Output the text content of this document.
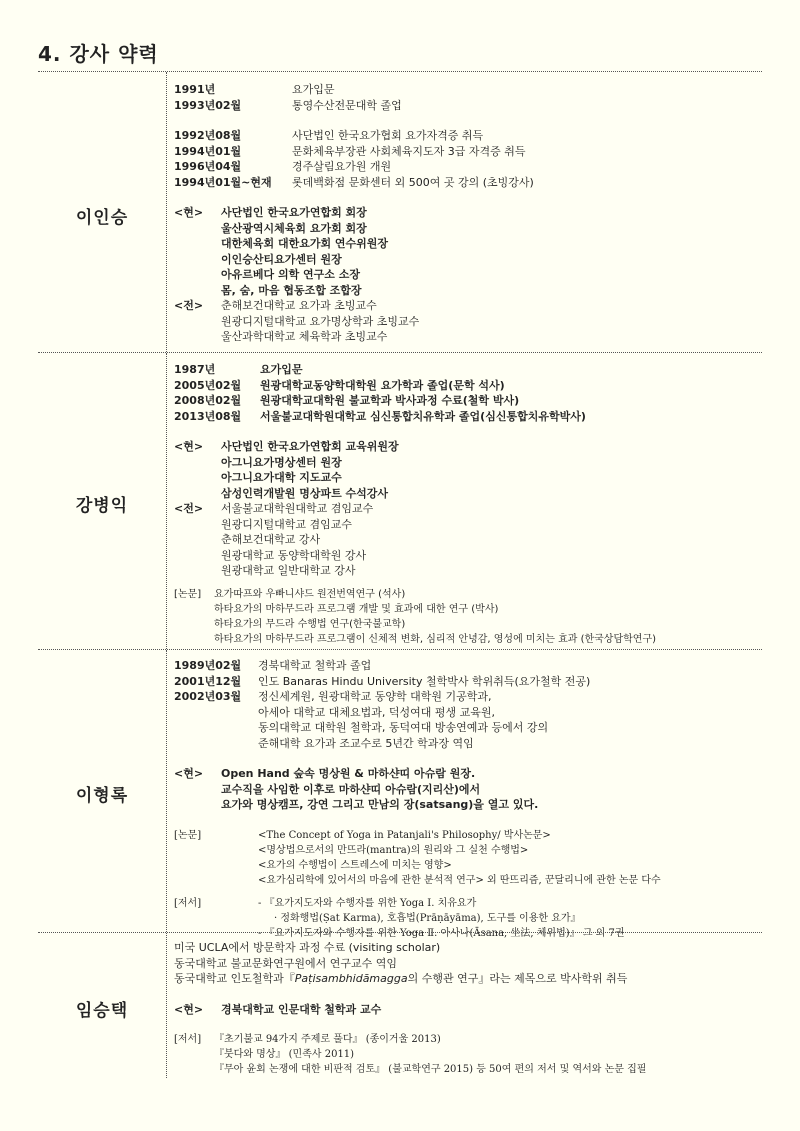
4. 강사 약력
이인승
1991년	요가입문
1993년02월	통영수산전문대학 졸업
1992년08월	사단법인 한국요가협회 요가자격증 취득
1994년01월	문화체육부장관 사회체육지도자 3급 자격증 취득
1996년04월	경주살림요가원 개원
1994년01월~현재	롯데백화점 문화센터 외 500여 곳 강의 (초빙강사)
<현> 사단법인 한국요가연합회 회장
울산광역시체육회 요가회 회장
대한체육회 대한요가회 연수위원장
이인승산티요가센터 원장
아유르베다 의학 연구소 소장
몸, 숨, 마음 협동조합 조합장
<전> 춘해보건대학교 요가과 초빙교수
원광디지털대학교 요가명상학과 초빙교수
울산과학대학교 체육학과 초빙교수
강병익
1987년	요가입문
2005년02월	원광대학교동양학대학원 요가학과 졸업(문학 석사)
2008년02월	원광대학교대학원 불교학과 박사과정 수료(철학 박사)
2013년08월	서울불교대학원대학교 심신통합치유학과 졸업(심신통합치유학박사)
<현> 사단법인 한국요가연합회 교육위원장
아그니요가명상센터 원장
아그니요가대학 지도교수
삼성인력개발원 명상파트 수석강사
<전> 서울불교대학원대학교 겸임교수
원광디지털대학교 겸임교수
춘해보건대학교 강사
원광대학교 동양학대학원 강사
원광대학교 일반대학교 강사
[논문] 요가따프와 우빠니샤드 원전번역연구 (석사)
하타요가의 마하무드라 프로그램 개발 및 효과에 대한 연구 (박사)
하타요가의 무드라 수행법 연구(한국불교학)
하타요가의 마하무드라 프로그램이 신체적 변화, 심리적 안녕감, 영성에 미치는 효과 (한국상담학연구)
이형록
1989년02월	경북대학교 철학과 졸업
2001년12월	인도 Banaras Hindu University 철학박사 학위취득(요가철학 전공)
2002년03월	정신세계원, 원광대학교 동양학 대학원 기공학과,
아세아 대학교 대체요법과, 덕성여대 평생 교육원,
동의대학교 대학원 철학과, 동덕여대 방송연예과 등에서 강의
준해대학 요가과 조교수로 5년간 학과장 역임
<현> Open Hand 숲속 명상원 & 마하샨띠 아슈람 원장.
교수직을 사임한 이후로 마하샨띠 아슈람(지리산)에서
요가와 명상캠프, 강연 그리고 만남의 장(satsang)을 열고 있다.
[논문]	<The Concept of Yoga in Patanjali's Philosophy/ 박사논문>
<명상법으로서의 만뜨라(mantra)의 원리와 그 실천 수행법>
<요가의 수행법이 스트레스에 미치는 영향>
<요가심리학에 있어서의 마음에 관한 분석적 연구> 외 딴뜨리즘, 꾼달리니에 관한 논문 다수
[저서]	- 『요가지도자와 수행자를 위한 Yoga Ⅰ. 치유요가
· 정화행법(Ṣat Karma), 호흡법(Prāṇāyāma), 도구를 이용한 요가』
- 『요가지도자와 수행자를 위한 Yoga Ⅱ. 아사나(Āsana, 坐法, 체위법)』 그 외 7권
임승택
미국 UCLA에서 방문학자 과정 수료 (visiting scholar)
동국대학교 불교문화연구원에서 연구교수 역임
동국대학교 인도철학과『Paṭisambhidāmagga의 수행관 연구』라는 제목으로 박사학위 취득
<현> 경북대학교 인문대학 철학과 교수
[저서] 『초기불교 94가지 주제로 풀다』 (종이거울 2013)
『붓다와 명상』 (민족사 2011)
『무아 윤회 논쟁에 대한 비판적 검토』 (불교학연구 2015) 등 50여 편의 저서 및 역서와 논문 집필
